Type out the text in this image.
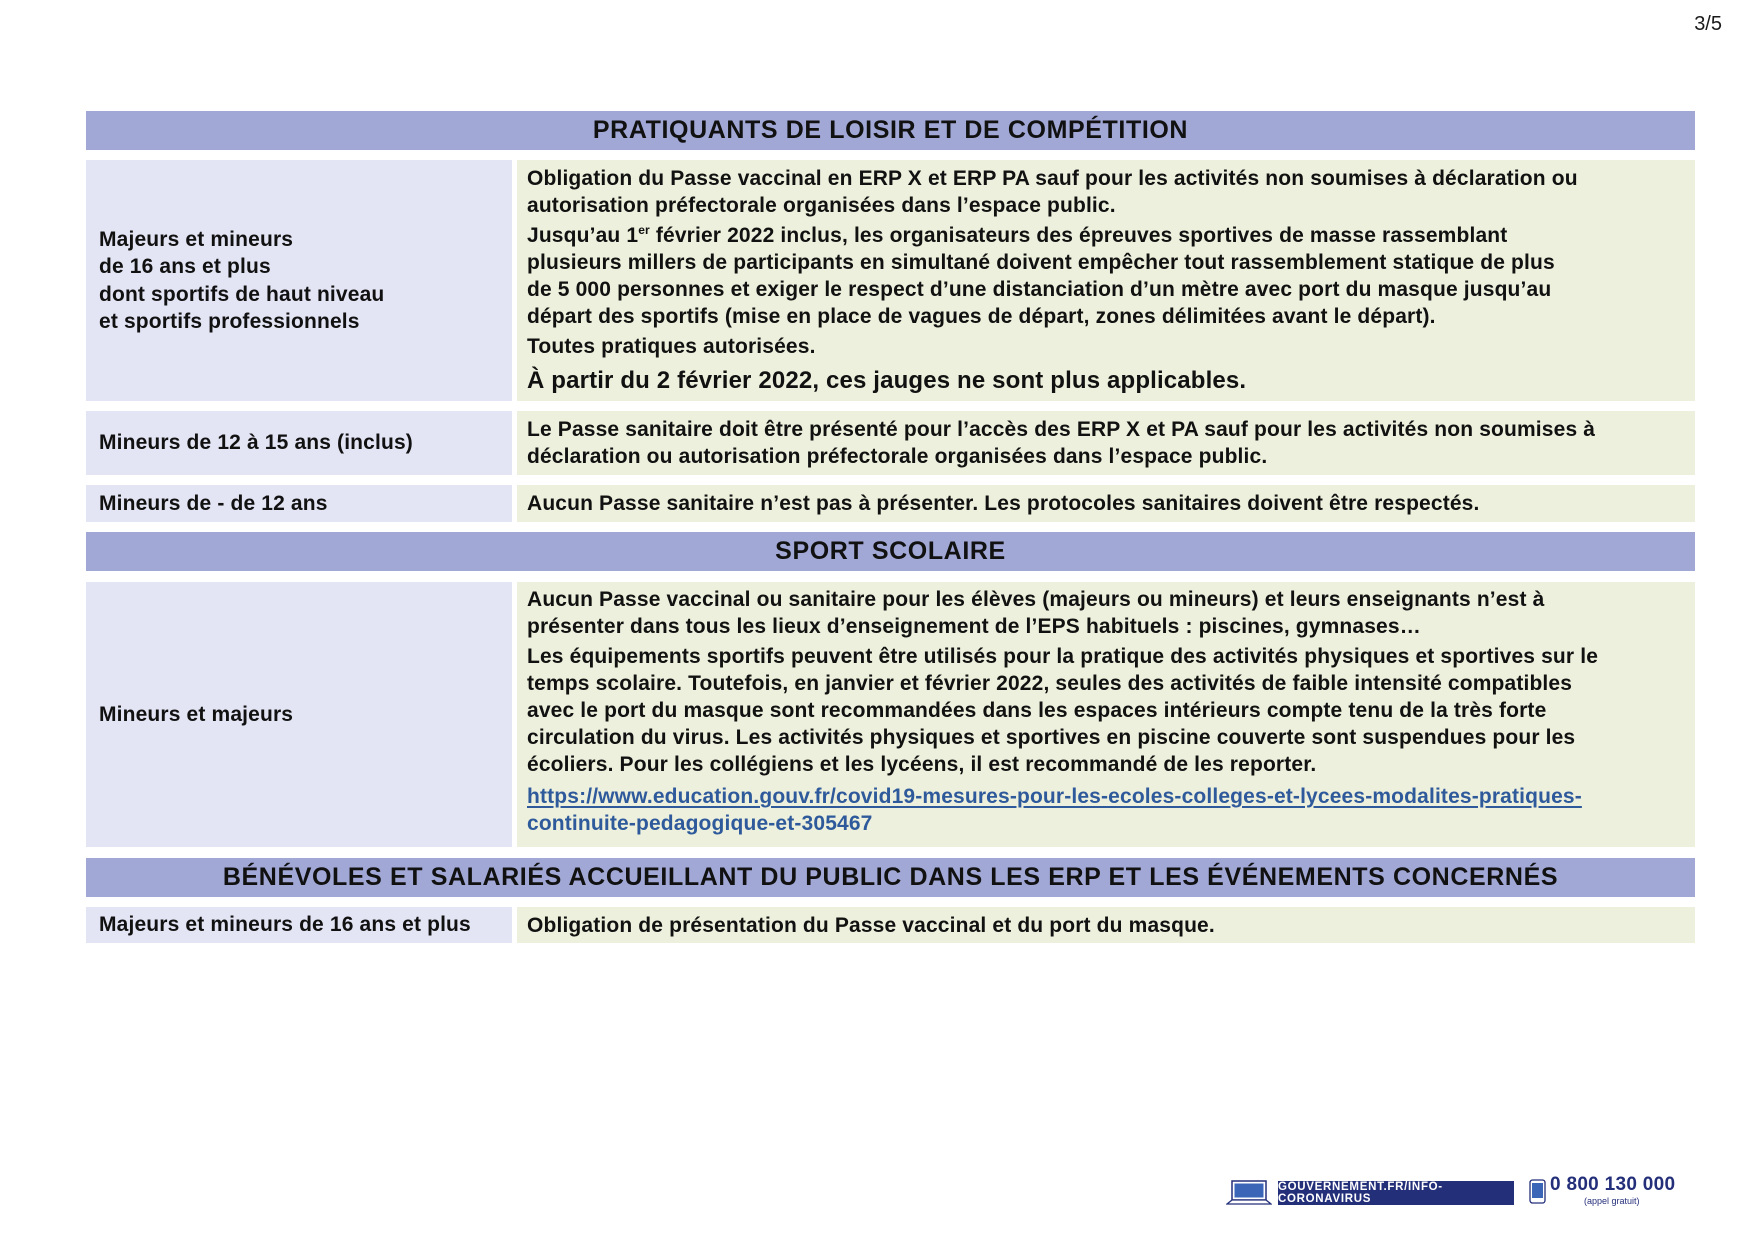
3/5
PRATIQUANTS DE LOISIR ET DE COMPÉTITION
Majeurs et mineurs
de 16 ans et plus
dont sportifs de haut niveau
et sportifs professionnels
Obligation du Passe vaccinal en ERP X et ERP PA sauf pour les activités non soumises à déclaration ou
autorisation préfectorale organisées dans l’espace public.
Jusqu’au 1er février 2022 inclus, les organisateurs des épreuves sportives de masse rassemblant
plusieurs millers de participants en simultané doivent empêcher tout rassemblement statique de plus
de 5 000 personnes et exiger le respect d’une distanciation d’un mètre avec port du masque jusqu’au
départ des sportifs (mise en place de vagues de départ, zones délimitées avant le départ).
Toutes pratiques autorisées.
À partir du 2 février 2022, ces jauges ne sont plus applicables.
Mineurs de 12 à 15 ans (inclus)
Le Passe sanitaire doit être présenté pour l’accès des ERP X et PA sauf pour les activités non soumises à
déclaration ou autorisation préfectorale organisées dans l’espace public.
Mineurs de - de 12 ans	Aucun Passe sanitaire n’est pas à présenter. Les protocoles sanitaires doivent être respectés.
SPORT SCOLAIRE
Mineurs et majeurs
Aucun Passe vaccinal ou sanitaire pour les élèves (majeurs ou mineurs) et leurs enseignants n’est à
présenter dans tous les lieux d’enseignement de l’EPS habituels : piscines, gymnases…
Les équipements sportifs peuvent être utilisés pour la pratique des activités physiques et sportives sur le
temps scolaire. Toutefois, en janvier et février 2022, seules des activités de faible intensité compatibles
avec le port du masque sont recommandées dans les espaces intérieurs compte tenu de la très forte
circulation du virus. Les activités physiques et sportives en piscine couverte sont suspendues pour les
écoliers. Pour les collégiens et les lycéens, il est recommandé de les reporter.
https://www.education.gouv.fr/covid19-mesures-pour-les-ecoles-colleges-et-lycees-modalites-pratiques-
continuite-pedagogique-et-305467
BÉNÉVOLES ET SALARIÉS ACCUEILLANT DU PUBLIC DANS LES ERP ET LES ÉVÉNEMENTS CONCERNÉS
Majeurs et mineurs de 16 ans et plus	Obligation de présentation du Passe vaccinal et du port du masque.
GOUVERNEMENT.FR/INFO-CORONAVIRUS
0 800 130 000
(appel gratuit)
